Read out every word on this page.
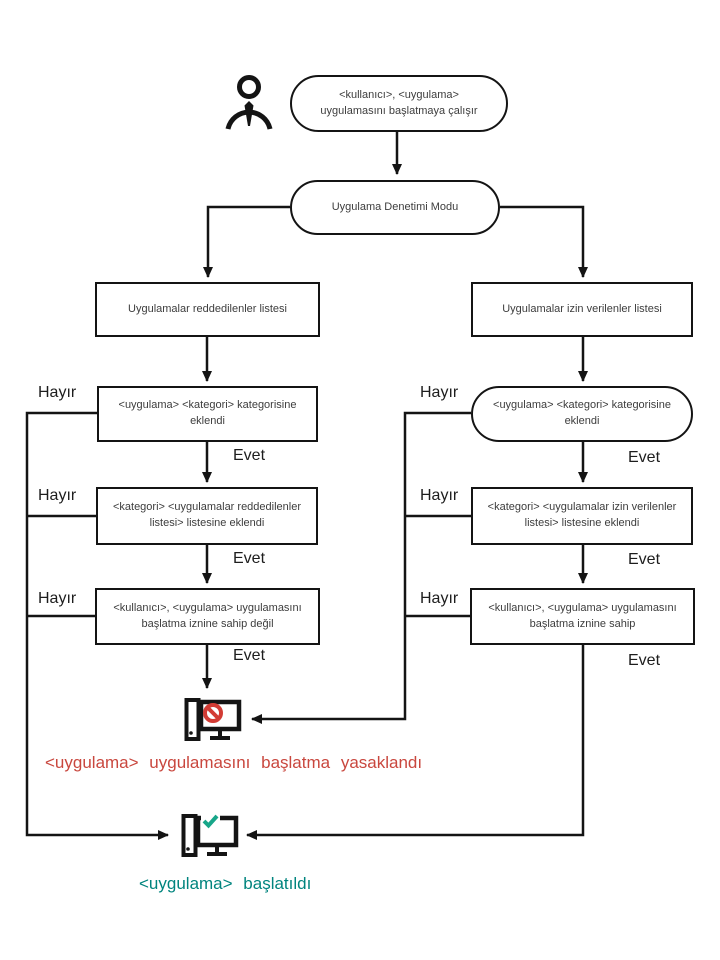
<kullanıcı>, <uygulama> uygulamasını başlatmaya çalışır
Uygulama Denetimi Modu
Uygulamalar reddedilenler listesi	Uygulamalar izin verilenler listesi
<uygulama> <kategori> kategorisine eklendi
<uygulama> <kategori> kategorisine eklendi
<kategori> <uygulamalar reddedilenler listesi> listesine eklendi
<kategori> <uygulamalar izin verilenler listesi> listesine eklendi
<kullanıcı>, <uygulama> uygulamasını başlatma iznine sahip değil
<kullanıcı>, <uygulama> uygulamasını başlatma iznine sahip
Hayır
Hayır
Hayır
Hayır
Hayır
Hayır
Evet
Evet
Evet
Evet
Evet
Evet
<uygulama> uygulamasını başlatma yasaklandı
<uygulama> başlatıldı
